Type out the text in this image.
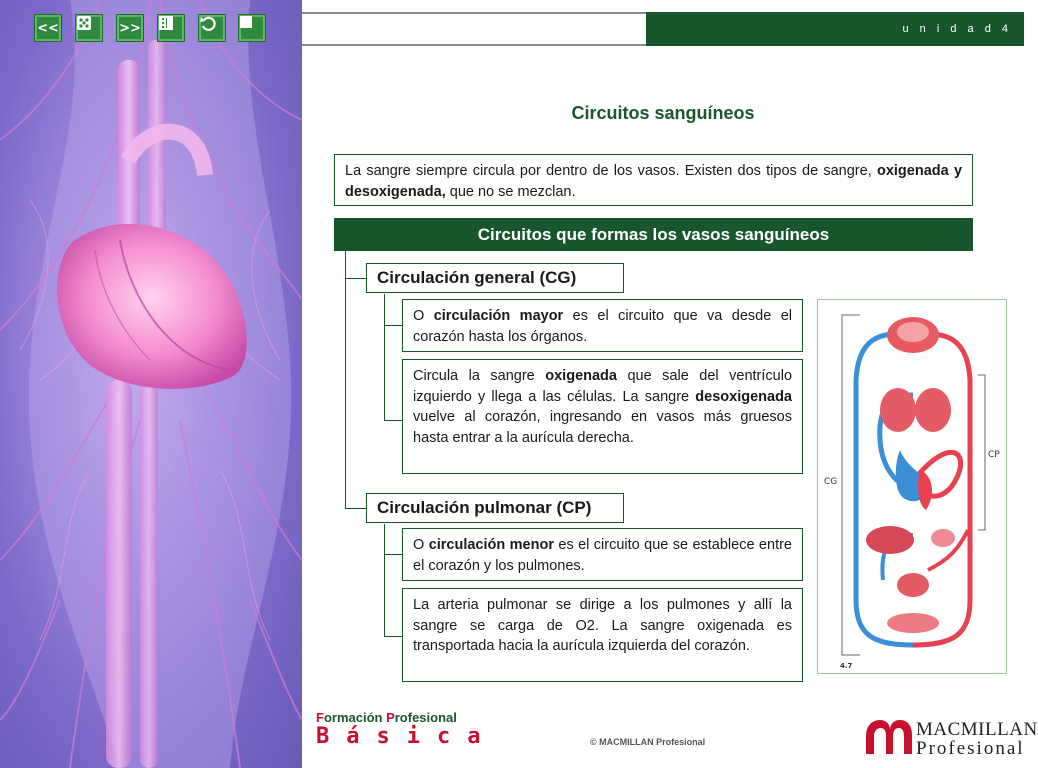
<<	>>	u n i d a d 4
Circuitos sanguíneos
La sangre siempre circula por dentro de los vasos. Existen dos tipos de sangre, oxigenada y desoxigenada, que no se mezclan.
Circuitos que formas los vasos sanguíneos
Circulación general (CG)
O circulación mayor es el circuito que va desde el corazón hasta los órganos.
Circula la sangre oxigenada que sale del ventrículo izquierdo y llega a las células. La sangre desoxigenada vuelve al corazón, ingresando en vasos más gruesos hasta entrar a la aurícula derecha.
Circulación pulmonar (CP)
O circulación menor es el circuito que se establece entre el corazón y los pulmones.
La arteria pulmonar se dirige a los pulmones y allí la sangre se carga de O2. La sangre oxigenada es transportada hacia la aurícula izquierda del corazón.
CG
CP
4.7
Formación Profesional
Básica	© MACMILLAN Profesional
MACMILLAN
Profesional
